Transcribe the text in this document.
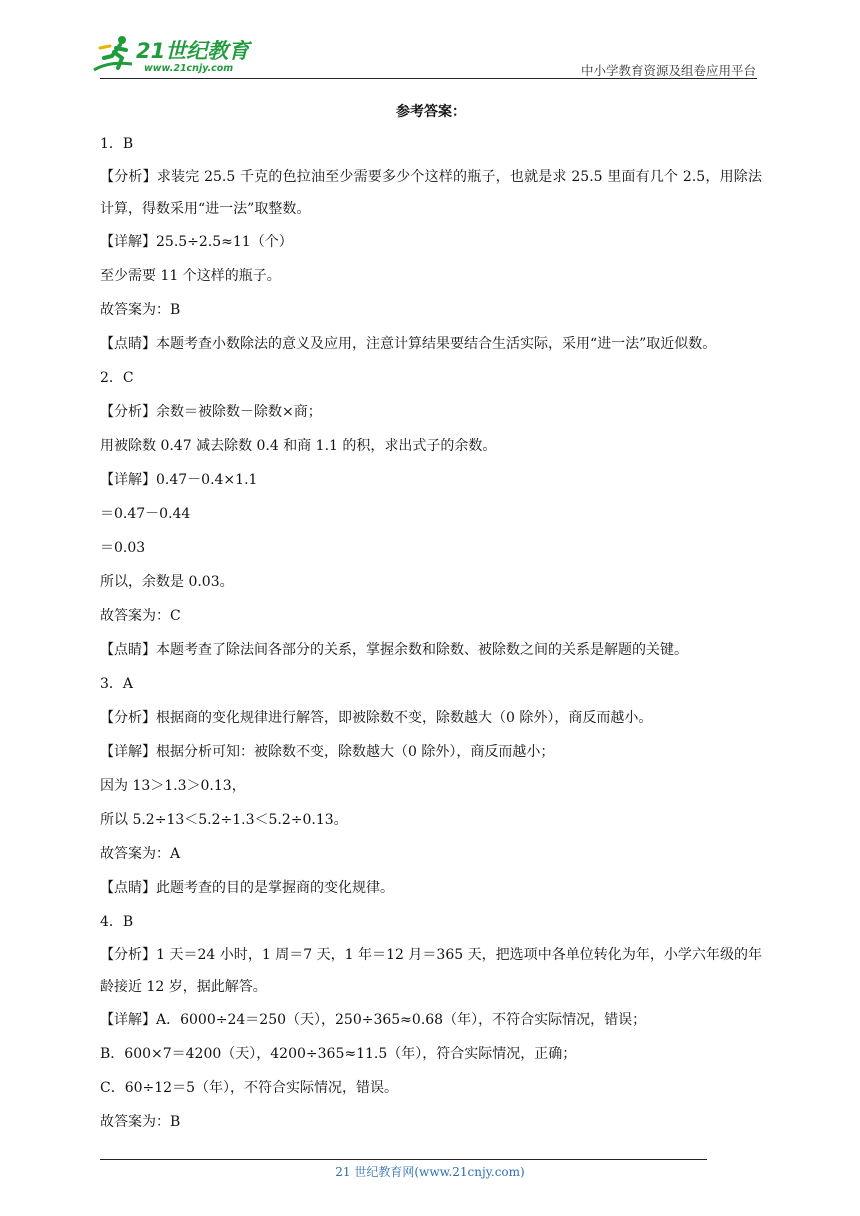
21世纪教育
www.21cnjy.com	中小学教育资源及组卷应用平台
参考答案：
1．B
【分析】求装完 25.5 千克的色拉油至少需要多少个这样的瓶子，也就是求 25.5 里面有几个 2.5，用除法计算，得数采用“进一法”取整数。
【详解】25.5÷2.5≈11（个）
至少需要 11 个这样的瓶子。
故答案为：B
【点睛】本题考查小数除法的意义及应用，注意计算结果要结合生活实际，采用“进一法”取近似数。
2．C
【分析】余数＝被除数－除数×商；
用被除数 0.47 减去除数 0.4 和商 1.1 的积，求出式子的余数。
【详解】0.47－0.4×1.1
＝0.47－0.44
＝0.03
所以，余数是 0.03。
故答案为：C
【点睛】本题考查了除法间各部分的关系，掌握余数和除数、被除数之间的关系是解题的关键。
3．A
【分析】根据商的变化规律进行解答，即被除数不变，除数越大（0 除外），商反而越小。
【详解】根据分析可知：被除数不变，除数越大（0 除外），商反而越小；
因为 13＞1.3＞0.13，
所以 5.2÷13＜5.2÷1.3＜5.2÷0.13。
故答案为：A
【点睛】此题考查的目的是掌握商的变化规律。
4．B
【分析】1 天＝24 小时，1 周＝7 天，1 年＝12 月＝365 天，把选项中各单位转化为年，小学六年级的年龄接近 12 岁，据此解答。
【详解】A．6000÷24＝250（天），250÷365≈0.68（年），不符合实际情况，错误；
B．600×7＝4200（天），4200÷365≈11.5（年），符合实际情况，正确；
C．60÷12＝5（年），不符合实际情况，错误。
故答案为：B
21 世纪教育网(www.21cnjy.com)
